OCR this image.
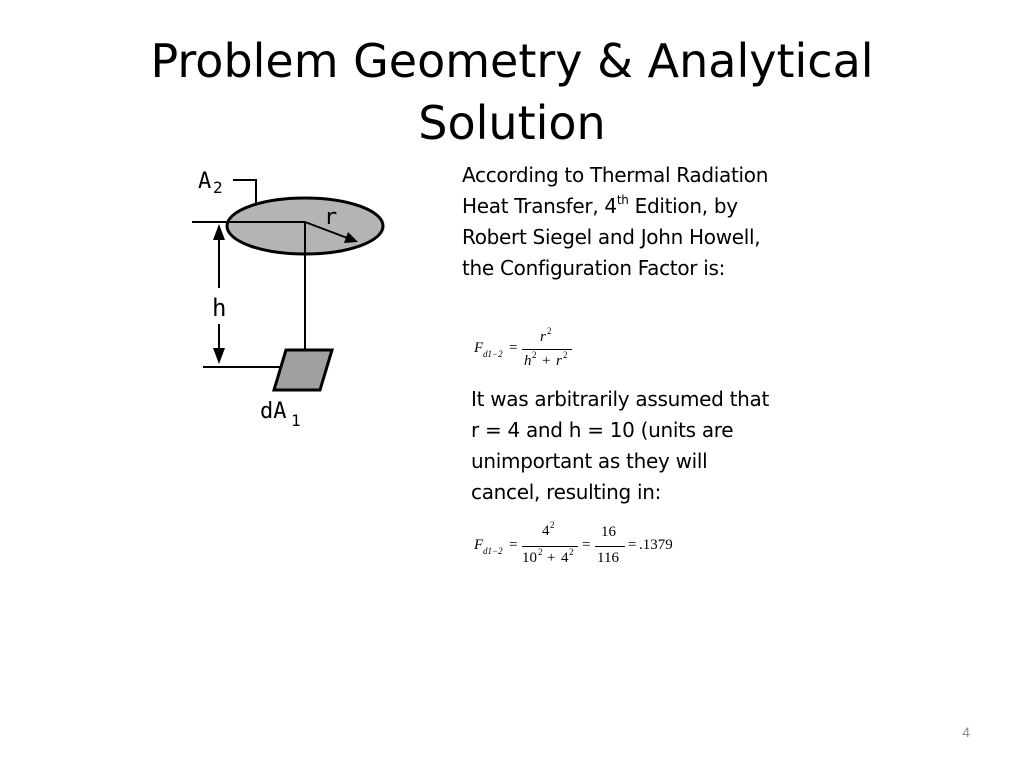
Problem Geometry & Analytical
Solution
A 2
r
h
dA 1

According to Thermal Radiation Heat Transfer, 4th Edition, by Robert Siegel and John Howell, the Configuration Factor is:

F d1−2 =
r 2
h 2 + r 2

It was arbitrarily assumed that r = 4 and h = 10 (units are unimportant as they will cancel, resulting in:

F d1−2 =
4 2
10 2 + 4 2 =
16
116
= .1379
4
